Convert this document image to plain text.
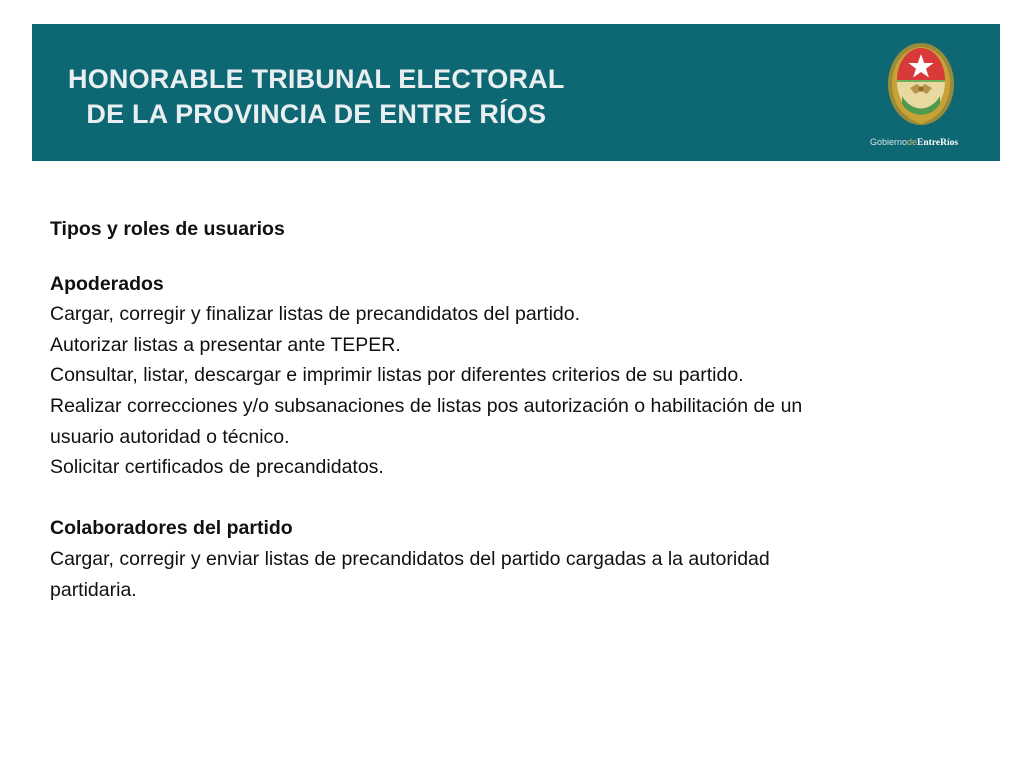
HONORABLE TRIBUNAL ELECTORAL
DE LA PROVINCIA DE ENTRE RÍOS
GobiernodeEntreRíos
Tipos y roles de usuarios
Apoderados
Cargar, corregir y finalizar listas de precandidatos del partido.
Autorizar listas a presentar ante TEPER.
Consultar, listar, descargar e imprimir listas por diferentes criterios de su partido.
Realizar correcciones y/o subsanaciones de listas pos autorización o habilitación de un
usuario autoridad o técnico.
Solicitar certificados de precandidatos.
Colaboradores del partido
Cargar, corregir y enviar listas de precandidatos del partido cargadas a la autoridad
partidaria.
